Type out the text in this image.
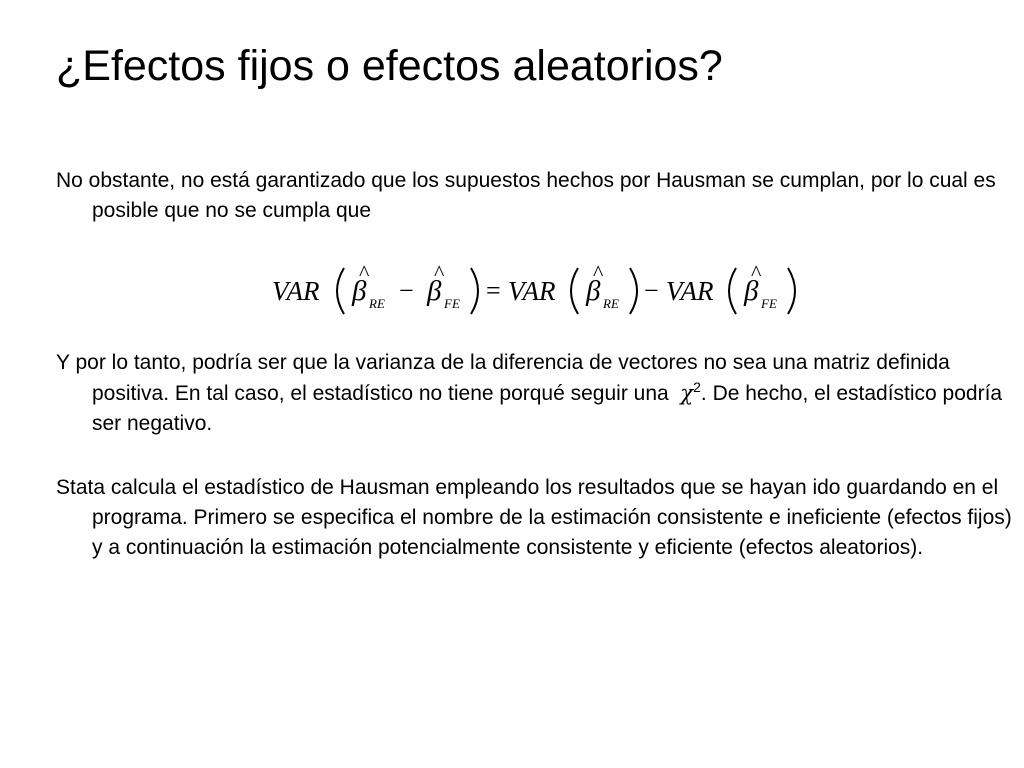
¿Efectos fijos o efectos aleatorios?

No obstante, no está garantizado que los supuestos hechos por Hausman se cumplan, por lo cual es posible que no se cumpla que

VAR
^
β RE −
^
β FE = VAR
^
β RE − VAR
^
β FE

Y por lo tanto, podría ser que la varianza de la diferencia de vectores no sea una matriz definida positiva. En tal caso, el estadístico no tiene porqué seguir una $\chi^2$. De hecho, el estadístico podría ser negativo.

Stata calcula el estadístico de Hausman empleando los resultados que se hayan ido guardando en el programa. Primero se especifica el nombre de la estimación consistente e ineficiente (efectos fijos) y a continuación la estimación potencialmente consistente y eficiente (efectos aleatorios).
